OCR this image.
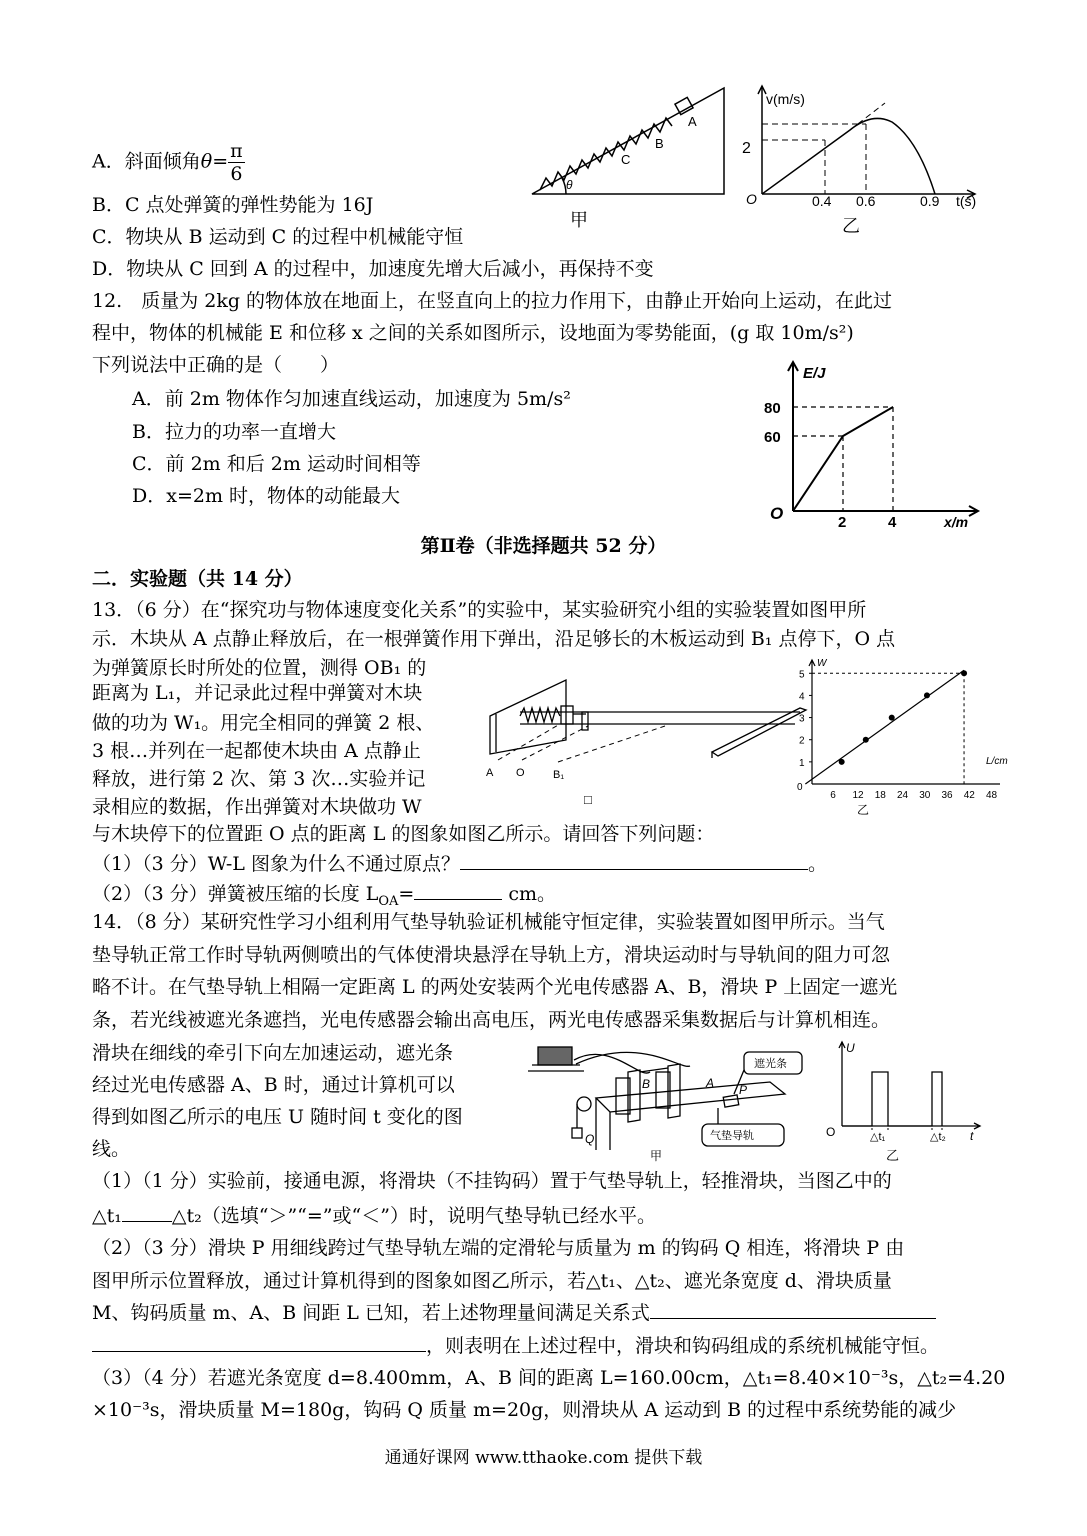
A．斜面倾角$\theta= \frac{\pi}{6}$
B．C 点处弹簧的弹性势能为 16J
C．物块从 B 运动到 C 的过程中机械能守恒
D．物块从 C 回到 A 的过程中，加速度先增大后减小，再保持不变
A
B
C
θ
甲
v(m/s)
2
O	0.4 0.6	0.9 t(s)
乙
12.　质量为 2kg 的物体放在地面上，在竖直向上的拉力作用下，由静止开始向上运动，在此过
程中，物体的机械能 E 和位移 x 之间的关系如图所示，设地面为零势能面，(g 取 10m/s²)
下列说法中正确的是（　　）
A．前 2m 物体作匀加速直线运动，加速度为 5m/s²
B．拉力的功率一直增大
C．前 2m 和后 2m 运动时间相等
D．x=2m 时，物体的动能最大
E/J
80
60
O	2	4	x/m
第Ⅱ卷（非选择题共 52 分）
二．实验题（共 14 分）
13．（6 分）在“探究功与物体速度变化关系”的实验中，某实验研究小组的实验装置如图甲所
示．木块从 A 点静止释放后，在一根弹簧作用下弹出，沿足够长的木板运动到 B₁ 点停下，O 点
为弹簧原长时所处的位置，测得 OB₁ 的
距离为 L₁，并记录此过程中弹簧对木块
做的功为 W₁。用完全相同的弹簧 2 根、
3 根…并列在一起都使木块由 A 点静止
释放，进行第 2 次、第 3 次…实验并记
录相应的数据，作出弹簧对木块做功 W
与木块停下的位置距 O 点的距离 L 的图象如图乙所示。请回答下列问题：
（1）（3 分）W-L 图象为什么不通过原点？	。
（2）（3 分）弹簧被压缩的长度 $L_{OA}=$	cm。
A O	B₁
□
1
2
3
4
5
6 12 18 24 30 36 42 48
W
L/cm
0
乙
14．（8 分）某研究性学习小组利用气垫导轨验证机械能守恒定律，实验装置如图甲所示。当气
垫导轨正常工作时导轨两侧喷出的气体使滑块悬浮在导轨上方，滑块运动时与导轨间的阻力可忽
略不计。在气垫导轨上相隔一定距离 L 的两处安装两个光电传感器 A、B，滑块 P 上固定一遮光
条，若光线被遮光条遮挡，光电传感器会输出高电压，两光电传感器采集数据后与计算机相连。
滑块在细线的牵引下向左加速运动，遮光条
经过光电传感器 A、B 时，通过计算机可以
得到如图乙所示的电压 U 随时间 t 变化的图
线。
（1）（1 分）实验前，接通电源，将滑块（不挂钩码）置于气垫导轨上，轻推滑块，当图乙中的
△t₁	△t₂（选填“＞”“=”或“＜”）时，说明气垫导轨已经水平。
（2）（3 分）滑块 P 用细线跨过气垫导轨左端的定滑轮与质量为 m 的钩码 Q 相连，将滑块 P 由
图甲所示位置释放，通过计算机得到的图象如图乙所示，若△t₁、△t₂、遮光条宽度 d、滑块质量
M、钩码质量 m、A、B 间距 L 已知，若上述物理量间满足关系式
，则表明在上述过程中，滑块和钩码组成的系统机械能守恒。
（3）（4 分）若遮光条宽度 d=8.400mm，A、B 间的距离 L=160.00cm，△t₁=8.40×10⁻³s，△t₂=4.20
×10⁻³s，滑块质量 M=180g，钩码 Q 质量 m=20g，则滑块从 A 运动到 B 的过程中系统势能的减少
B	A P
Q
遮光条
气垫导轨
甲
U
O	△t₁	△t₂ t
乙
通通好课网 www.tthaoke.com 提供下载
